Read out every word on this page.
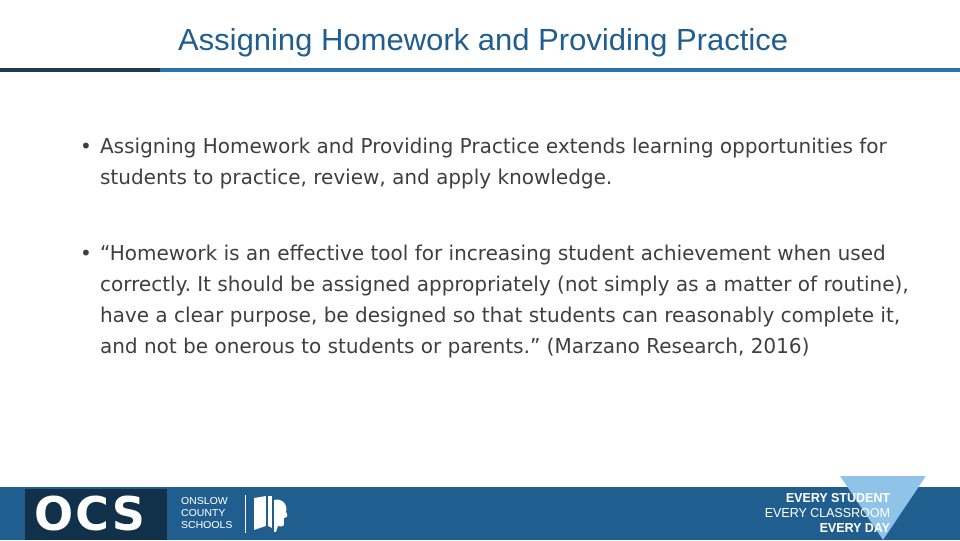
Assigning Homework and Providing Practice
• Assigning Homework and Providing Practice extends learning opportunities for students to practice, review, and apply knowledge.
• “Homework is an effective tool for increasing student achievement when used correctly. It should be assigned appropriately (not simply as a matter of routine), have a clear purpose, be designed so that students can reasonably complete it, and not be onerous to students or parents.” (Marzano Research, 2016)
OCS	ONSLOW
COUNTY
SCHOOLS
EVERY STUDENT
EVERY CLASSROOM
EVERY DAY
